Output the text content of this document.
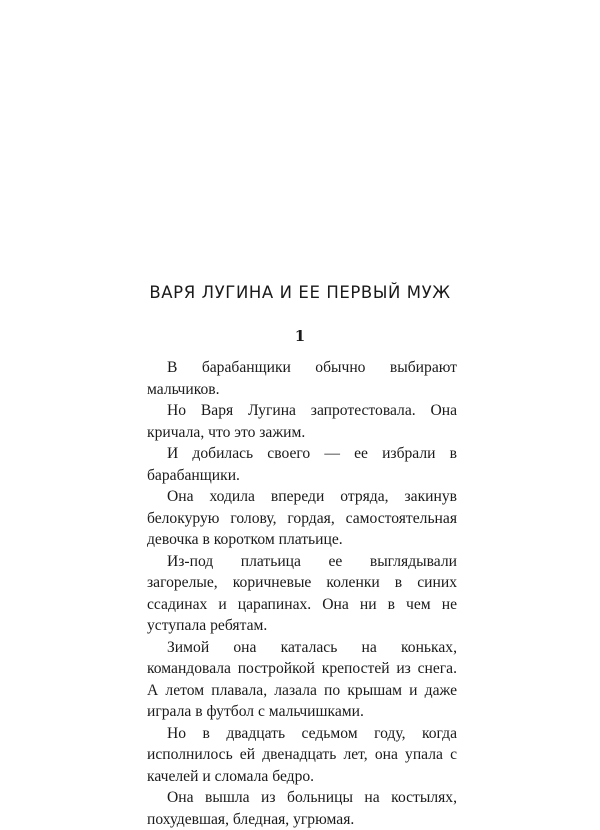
ВАРЯ ЛУГИНА И ЕЕ ПЕРВЫЙ МУЖ
1

В барабанщики обычно выбирают мальчиков.

Но Варя Лугина запротестовала. Она кричала, что это зажим.

И добилась своего — ее избрали в барабанщики.

Она ходила впереди отряда, закинув белокурую голову, гордая, самостоятельная девочка в коротком платьице.

Из-под платьица ее выглядывали загорелые, коричневые коленки в синих ссадинах и царапинах. Она ни в чем не уступала ребятам.

Зимой она каталась на коньках, командовала постройкой крепостей из снега. А летом плавала, лазала по крышам и даже играла в футбол с мальчишками.

Но в двадцать седьмом году, когда исполнилось ей двенадцать лет, она упала с качелей и сломала бедро.

Она вышла из больницы на костылях, похудевшая, бледная, угрюмая.
